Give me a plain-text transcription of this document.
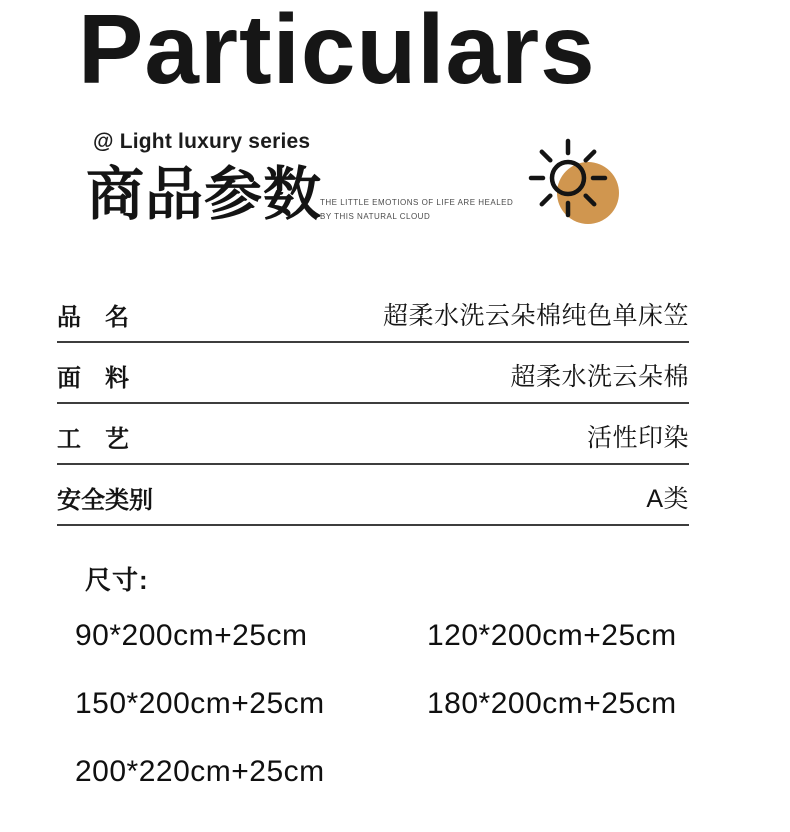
Particulars
@ Light luxury series
商品参数
THE LITTLE EMOTIONS OF LIFE ARE HEALED
BY THIS NATURAL CLOUD
品　名	超柔水洗云朵棉纯色单床笠
面　料	超柔水洗云朵棉
工　艺	活性印染
安全类别	A类
尺寸:
90*200cm+25cm	120*200cm+25cm
150*200cm+25cm	180*200cm+25cm
200*220cm+25cm
